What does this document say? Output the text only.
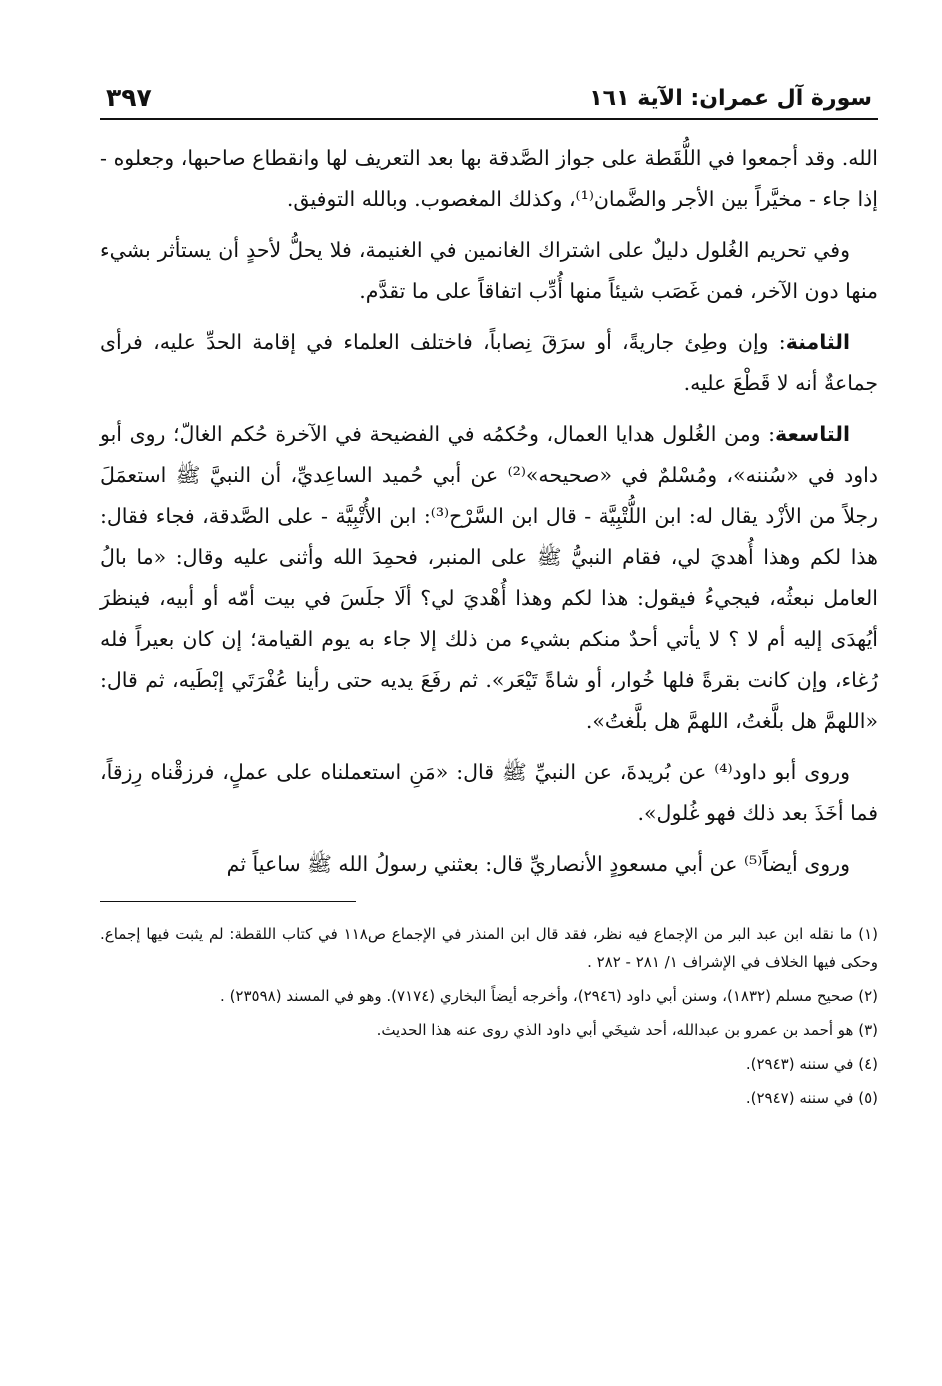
سورة آل عمران: الآية ١٦١
٣٩٧

الله. وقد أجمعوا في اللُّقَطة على جواز الصَّدقة بها بعد التعريف لها وانقطاع صاحبها، وجعلوه - إذا جاء - مخيَّراً بين الأجر والضَّمان⁽¹⁾، وكذلك المغصوب. وبالله التوفيق.

وفي تحريم الغُلول دليلٌ على اشتراك الغانمين في الغنيمة، فلا يحلُّ لأحدٍ أن يستأثر بشيء منها دون الآخر، فمن غَصَب شيئاً منها أُدِّب اتفاقاً على ما تقدَّم.

الثامنة: وإن وطِئ جاريةً، أو سرَقَ نِصاباً، فاختلف العلماء في إقامة الحدِّ عليه، فرأى جماعةٌ أنه لا قَطْعَ عليه.

التاسعة: ومن الغُلول هدايا العمال، وحُكمُه في الفضيحة في الآخرة حُكم الغالّ؛ روى أبو داود في «سُننه»، ومُسْلمٌ في «صحيحه»⁽²⁾ عن أبي حُميد الساعِديِّ، أن النبيَّ ﷺ استعمَلَ رجلاً من الأزْد يقال له: ابن اللُّتْبِيَّة - قال ابن السَّرْح⁽³⁾: ابن الأُتْبِيَّة - على الصَّدقة، فجاء فقال: هذا لكم وهذا أُهديَ لي، فقام النبيُّ ﷺ على المنبر، فحمِدَ الله وأثنى عليه وقال: «ما بالُ العامل نبعثُه، فيجيءُ فيقول: هذا لكم وهذا أُهْديَ لي؟ ألَا جلَسَ في بيت أمّه أو أبيه، فينظرَ أيُهدَى إليه أم لا ؟ لا يأتي أحدٌ منكم بشيء من ذلك إلا جاء به يوم القيامة؛ إن كان بعيراً فله رُغاء، وإن كانت بقرةً فلها خُوار، أو شاةً تَيْعَر». ثم رفَعَ يديه حتى رأينا عُفْرَتَي إبْطَيه، ثم قال: «اللهمَّ هل بلَّغتُ، اللهمَّ هل بلَّغتُ».

وروى أبو داود⁽⁴⁾ عن بُريدةَ، عن النبيِّ ﷺ قال: «مَنِ استعملناه على عملٍ، فرزقْناه رِزقاً، فما أخَذَ بعد ذلك فهو غُلول».

وروى أيضاً⁽⁵⁾ عن أبي مسعودٍ الأنصاريِّ قال: بعثني رسولُ الله ﷺ ساعياً ثم

(١) ما نقله ابن عبد البر من الإجماع فيه نظر، فقد قال ابن المنذر في الإجماع ص١١٨ في كتاب اللقطة: لم يثبت فيها إجماع. وحكى فيها الخلاف في الإشراف ١/ ٢٨١ - ٢٨٢ .

(٢) صحيح مسلم (١٨٣٢)، وسنن أبي داود (٢٩٤٦)، وأخرجه أيضاً البخاري (٧١٧٤). وهو في المسند (٢٣٥٩٨) .

(٣) هو أحمد بن عمرو بن عبدالله، أحد شيخَي أبي داود الذي روى عنه هذا الحديث.

(٤) في سننه (٢٩٤٣).

(٥) في سننه (٢٩٤٧).
